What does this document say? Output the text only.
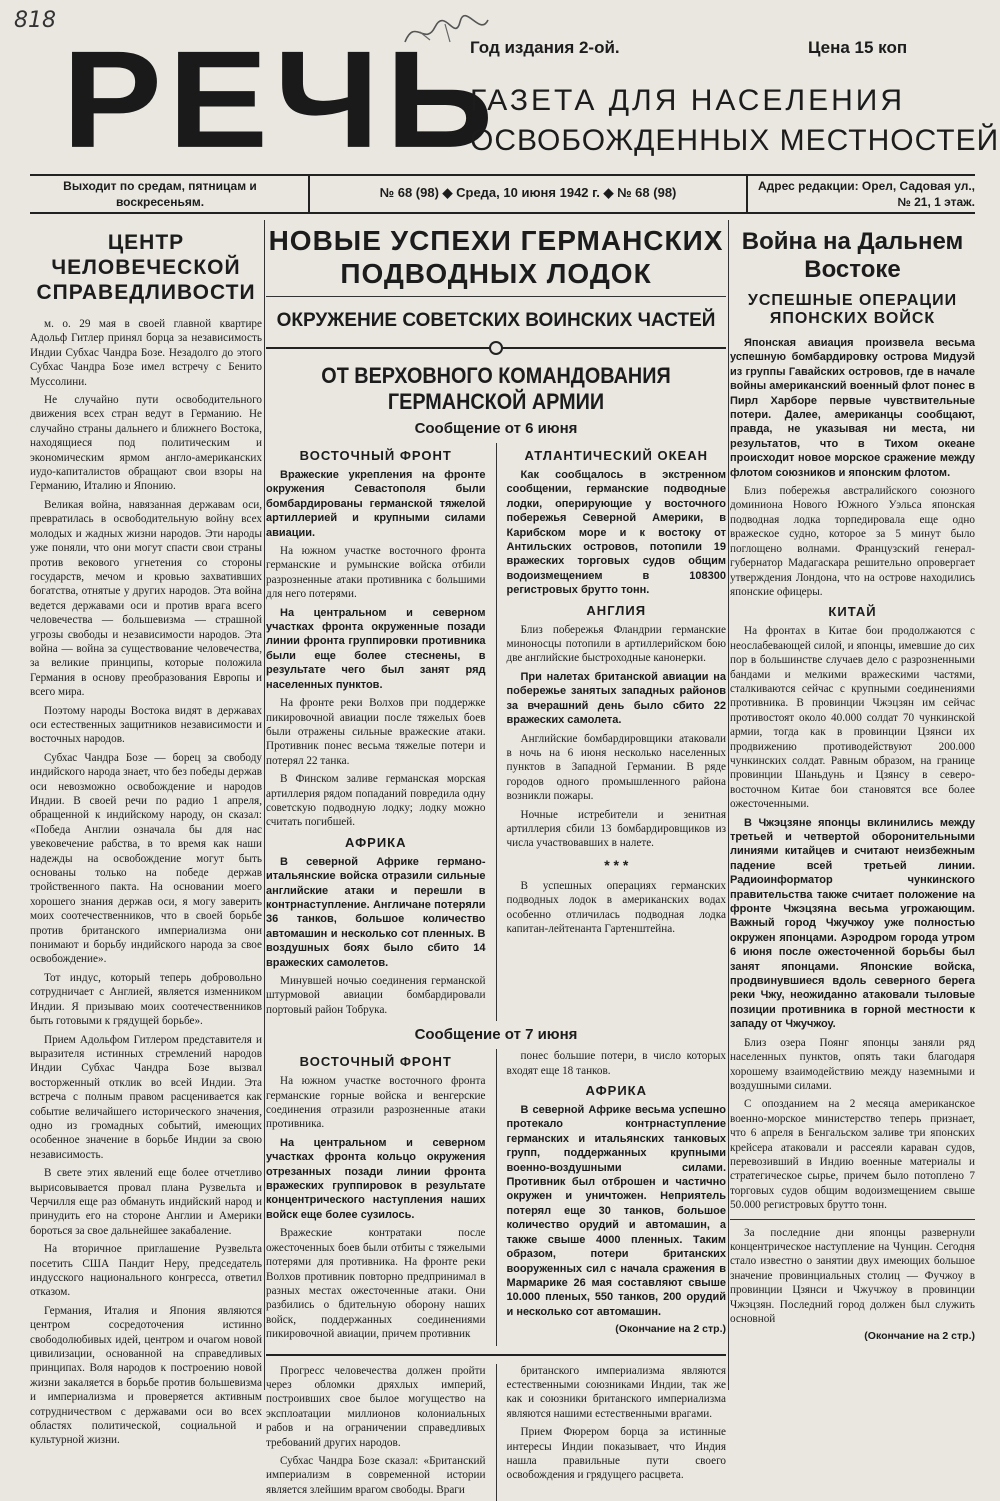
818
РЕЧЬ
Год издания 2-ой.	Цена 15 коп
ГАЗЕТА ДЛЯ НАСЕЛЕНИЯ
ОСВОБОЖДЕННЫХ МЕСТНОСТЕЙ
Выходит по средам, пятницам и воскресеньям.
№ 68 (98) ◆ Среда, 10 июня 1942 г. ◆ № 68 (98)	Адрес редакции: Орел, Садовая ул., № 21, 1 этаж.
ЦЕНТР ЧЕЛОВЕЧЕСКОЙ СПРАВЕДЛИВОСТИ

м. о. 29 мая в своей главной квартире Адольф Гитлер принял борца за независимость Индии Субхас Чандра Бозе. Незадолго до этого Субхас Чандра Бозе имел встречу с Бенито Муссолини.

Не случайно пути освободительного движения всех стран ведут в Германию. Не случайно страны дальнего и ближнего Востока, находящиеся под политическим и экономическим ярмом англо-американских иудо-капиталистов обращают свои взоры на Германию, Италию и Японию.

Великая война, навязанная державам оси, превратилась в освободительную войну всех молодых и жадных жизни народов. Эти народы уже поняли, что они могут спасти свои страны против векового угнетения со стороны государств, мечом и кровью захвативших богатства, отнятые у других народов. Эта война ведется державами оси и против врага всего человечества — большевизма — страшной угрозы свободы и независимости народов. Эта война — война за существование человечества, за великие принципы, которые положила Германия в основу преобразования Европы и всего мира.

Поэтому народы Востока видят в державах оси естественных защитников независимости и восточных народов.

Субхас Чандра Бозе — борец за свободу индийского народа знает, что без победы держав оси невозможно освобождение и народов Индии. В своей речи по радио 1 апреля, обращенной к индийскому народу, он сказал: «Победа Англии означала бы для нас увековечение рабства, в то время как наши надежды на освобождение могут быть основаны только на победе держав тройственного пакта. На основании моего хорошего знания держав оси, я могу заверить моих соотечественников, что в своей борьбе против британского империализма они понимают и борьбу индийского народа за свое освобождение».

Тот индус, который теперь добровольно сотрудничает с Англией, является изменником Индии. Я призываю моих соотечественников быть готовыми к грядущей борьбе».

Прием Адольфом Гитлером представителя и выразителя истинных стремлений народов Индии Субхас Чандра Бозе вызвал восторженный отклик во всей Индии. Эта встреча с полным правом расценивается как событие величайшего исторического значения, одно из громадных событий, имеющих особенное значение в борьбе Индии за свою независимость.

В свете этих явлений еще более отчетливо вырисовывается провал плана Рузвельта и Черчилля еще раз обмануть индийский народ и принудить его на стороне Англии и Америки бороться за свое дальнейшее закабаление.

На вторичное приглашение Рузвельта посетить США Пандит Неру, председатель индусского национального конгресса, ответил отказом.

Германия, Италия и Япония являются центром сосредоточения истинно свободолюбивых идей, центром и очагом новой цивилизации, основанной на справедливых принципах. Воля народов к построению новой жизни закаляется в борьбе против большевизма и империализма и проверяется активным сотрудничеством с державами оси во всех областях политической, социальной и культурной жизни.

НОВЫЕ УСПЕХИ ГЕРМАНСКИХ ПОДВОДНЫХ ЛОДОК
ОКРУЖЕНИЕ СОВЕТСКИХ ВОИНСКИХ ЧАСТЕЙ
ОТ ВЕРХОВНОГО КОМАНДОВАНИЯ ГЕРМАНСКОЙ АРМИИ
Сообщение от 6 июня
ВОСТОЧНЫЙ ФРОНТ

Вражеские укрепления на фронте окружения Севастополя были бомбардированы германской тяжелой артиллерией и крупными силами авиации.

На южном участке восточного фронта германские и румынские войска отбили разрозненные атаки противника с большими для него потерями.

На центральном и северном участках фронта окруженные позади линии фронта группировки противника были еще более стеснены, в результате чего был занят ряд населенных пунктов.

На фронте реки Волхов при поддержке пикировочной авиации после тяжелых боев были отражены сильные вражеские атаки. Противник понес весьма тяжелые потери и потерял 22 танка.

В Финском заливе германская морская артиллерия рядом попаданий повредила одну советскую подводную лодку; лодку можно считать погибшей.

АФРИКА

В северной Африке германо-итальянские войска отразили сильные английские атаки и перешли в контрнаступление. Англичане потеряли 36 танков, большое количество автомашин и несколько сот пленных. В воздушных боях было сбито 14 вражеских самолетов.

Минувшей ночью соединения германской штурмовой авиации бомбардировали портовый район Тобрука.

АТЛАНТИЧЕСКИЙ ОКЕАН

Как сообщалось в экстренном сообщении, германские подводные лодки, оперирующие у восточного побережья Северной Америки, в Карибском море и к востоку от Антильских островов, потопили 19 вражеских торговых судов общим водоизмещением в 108300 регистровых брутто тонн.

АНГЛИЯ

Близ побережья Фландрии германские миноносцы потопили в артиллерийском бою две английские быстроходные канонерки.

При налетах британской авиации на побережье занятых западных районов за вчерашний день было сбито 22 вражеских самолета.

Английские бомбардировщики атаковали в ночь на 6 июня несколько населенных пунктов в Западной Германии. В ряде городов одного промышленного района возникли пожары.

Ночные истребители и зенитная артиллерия сбили 13 бомбардировщиков из числа участвовавших в налете.

* * *

В успешных операциях германских подводных лодок в американских водах особенно отличилась подводная лодка капитан-лейтенанта Гартенштейна.

Сообщение от 7 июня
ВОСТОЧНЫЙ ФРОНТ

На южном участке восточного фронта германские горные войска и венгерские соединения отразили разрозненные атаки противника.

На центральном и северном участках фронта кольцо окружения отрезанных позади линии фронта вражеских группировок в результате концентрического наступления наших войск еще более сузилось.

Вражеские контратаки после ожесточенных боев были отбиты с тяжелыми потерями для противника. На фронте реки Волхов противник повторно предпринимал в разных местах ожесточенные атаки. Они разбились о бдительную оборону наших войск, поддержанных соединениями пикировочной авиации, причем противник

понес большие потери, в число которых входят еще 18 танков.

АФРИКА

В северной Африке весьма успешно протекало контрнаступление германских и итальянских танковых групп, поддержанных крупными военно-воздушными силами. Противник был отброшен и частично окружен и уничтожен. Неприятель потерял еще 30 танков, большое количество орудий и автомашин, а также свыше 4000 пленных. Таким образом, потери британских вооруженных сил с начала сражения в Мармарике 26 мая составляют свыше 10.000 пленых, 550 танков, 200 орудий и несколько сот автомашин.

(Окончание на 2 стр.)

Прогресс человечества должен пройти через обломки дряхлых империй, построивших свое былое могущество на эксплоатации миллионов колониальных рабов и на ограничении справедливых требований других народов.

Субхас Чандра Бозе сказал: «Британский империализм в современной истории является злейшим врагом свободы. Враги

британского империализма являются естественными союзниками Индии, так же как и союзники британского империализма являются нашими естественными врагами.

Прием Фюрером борца за истинные интересы Индии показывает, что Индия нашла правильные пути своего освобождения и грядущего расцвета.

Война на Дальнем Востоке
УСПЕШНЫЕ ОПЕРАЦИИ ЯПОНСКИХ ВОЙСК

Японская авиация произвела весьма успешную бомбардировку острова Мидуэй из группы Гавайских островов, где в начале войны американский военный флот понес в Пирл Харборе первые чувствительные потери. Далее, американцы сообщают, правда, не указывая ни места, ни результатов, что в Тихом океане происходит новое морское сражение между флотом союзников и японским флотом.

Близ побережья австралийского союзного доминиона Нового Южного Уэльса японская подводная лодка торпедировала еще одно вражеское судно, которое за 5 минут было поглощено волнами. Французский генерал-губернатор Мадагаскара решительно опровергает утверждения Лондона, что на острове находились японские офицеры.

КИТАЙ

На фронтах в Китае бои продолжаются с неослабевающей силой, и японцы, имевшие до сих пор в большинстве случаев дело с разрозненными бандами и мелкими вражескими частями, сталкиваются сейчас с крупными соединениями противника. В провинции Чжэцзян им сейчас противостоят около 40.000 солдат 70 чункинской армии, тогда как в провинции Цзянси их продвижению противодействуют 200.000 чункинских солдат. Равным образом, на границе провинции Шаньдунь и Цзянсу в северо-восточном Китае бои становятся все более ожесточенными.

В Чжэцзяне японцы вклинились между третьей и четвертой оборонительными линиями китайцев и считают неизбежным падение всей третьей линии. Радиоинформатор чункинского правительства также считает положение на фронте Чжэцзяна весьма угрожающим. Важный город Чжучжоу уже полностью окружен японцами. Аэродром города утром 6 июня после ожесточенной борьбы был занят японцами. Японские войска, продвинувшиеся вдоль северного берега реки Чжу, неожиданно атаковали тыловые позиции противника в горной местности к западу от Чжучжоу.

Близ озера Поянг японцы заняли ряд населенных пунктов, опять таки благодаря хорошему взаимодействию между наземными и воздушными силами.

С опозданием на 2 месяца американское военно-морское министерство теперь признает, что 6 апреля в Бенгальском заливе три японских крейсера атаковали и рассеяли караван судов, перевозивший в Индию военные материалы и стратегическое сырье, причем было потоплено 7 торговых судов общим водоизмещением свыше 50.000 регистровых брутто тонн.

За последние дни японцы развернули концентрическое наступление на Чунцин. Сегодня стало известно о занятии двух имеющих большое значение провинциальных столиц — Фучжоу в провинции Цзянси и Чжучжоу в провинции Чжэцзян. Последний город должен был служить основной

(Окончание на 2 стр.)
